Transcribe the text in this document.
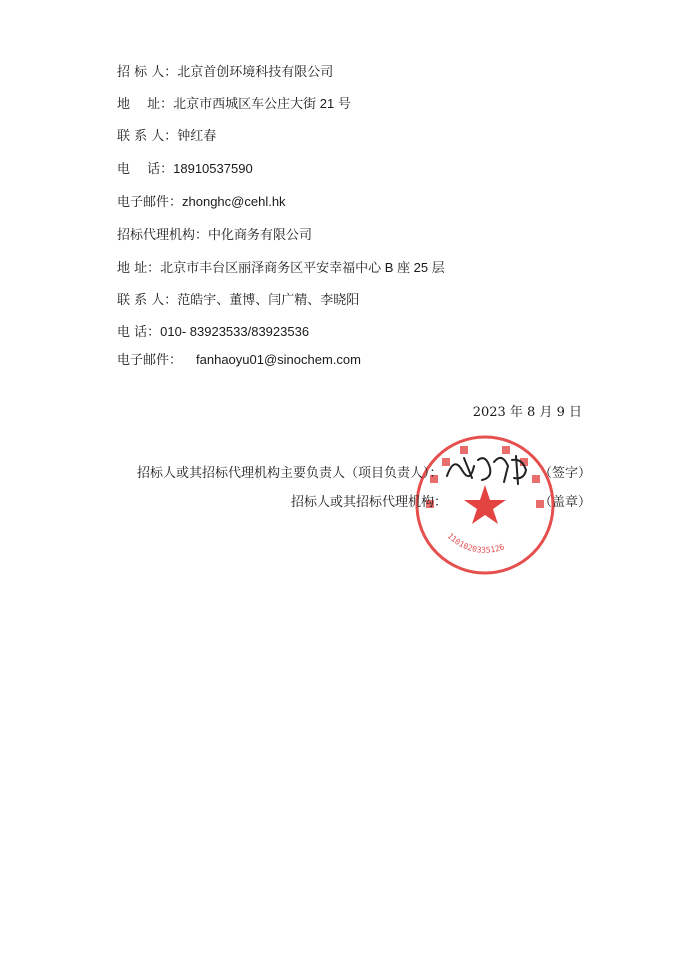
招 标 人：北京首创环境科技有限公司
地　 址：北京市西城区车公庄大街 21 号
联 系 人：钟红春
电　 话：18910537590
电子邮件：zhonghc@cehl.hk
招标代理机构：中化商务有限公司
地 址：北京市丰台区丽泽商务区平安幸福中心 B 座 25 层
联 系 人：范皓宇、董博、闫广精、李晓阳
电 话：010- 83923533/83923536
电子邮件： fanhaoyu01@sinochem.com
2023 年 8 月 9 日
1101020335126
招标人或其招标代理机构主要负责人（项目负责人）：	（签字）
招标人或其招标代理机构：	（盖章）
